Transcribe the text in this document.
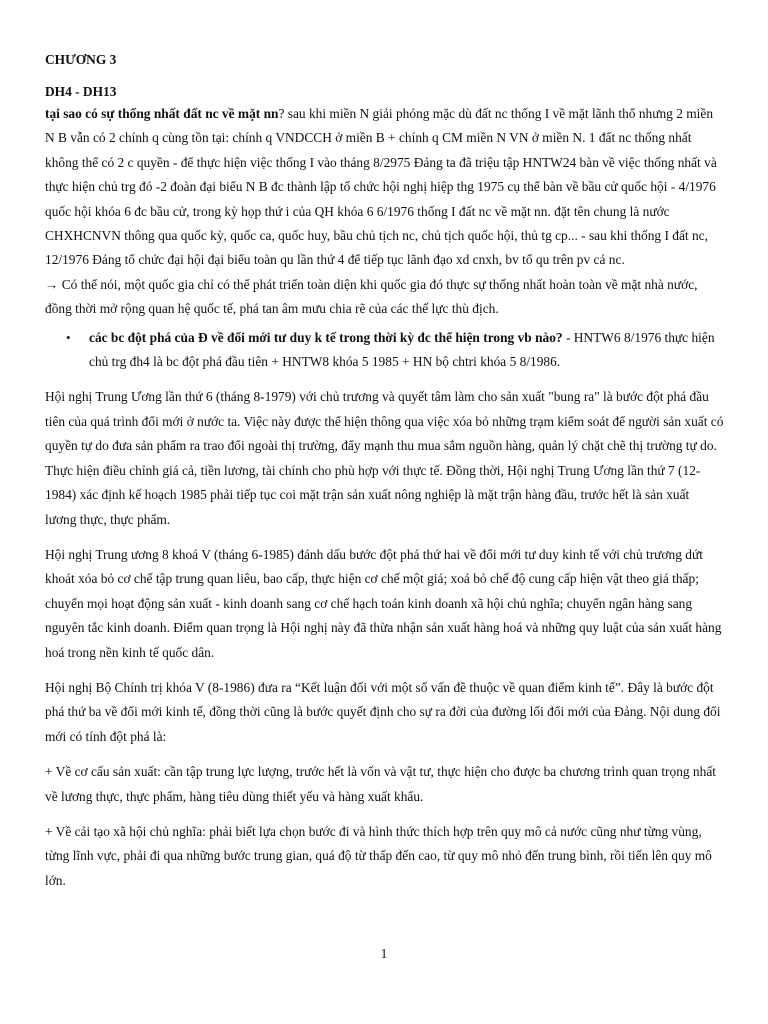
CHƯƠNG 3
DH4 - DH13

tại sao có sự thống nhất đất nc về mặt nn? sau khi miền N giải phóng mặc dù đất nc thống I về mặt lãnh thổ nhưng 2 miền N B vẫn có 2 chính q cùng tồn tại: chính q VNDCCH ở miền B + chính q CM miền N VN ở miền N. 1 đất nc thống nhất không thể có 2 c quyền - để thực hiện việc thống I vào tháng 8/2975 Đảng ta đã triệu tập HNTW24 bàn về việc thống nhất và thực hiện chủ trg đó -2 đoàn đại biểu N B đc thành lập tổ chức hội nghị hiệp thg 1975 cụ thể bàn về bầu cử quốc hội - 4/1976 quốc hội khóa 6 đc bầu cử, trong kỳ họp thứ i của QH khóa 6 6/1976 thống I đất nc về mặt nn. đặt tên chung là nước CHXHCNVN thông qua quốc kỳ, quốc ca, quốc huy, bầu chủ tịch nc, chủ tịch quốc hội, thủ tg cp... - sau khi thống I đất nc, 12/1976 Đảng tổ chức đại hội đại biểu toàn qu lần thứ 4 để tiếp tục lãnh đạo xd cnxh, bv tổ qu trên pv cả nc.

→ Có thể nói, một quốc gia chỉ có thể phát triển toàn diện khi quốc gia đó thực sự thống nhất hoàn toàn về mặt nhà nước, đồng thời mở rộng quan hệ quốc tế, phá tan âm mưu chia rẽ của các thế lực thù địch.

• các bc đột phá của Đ về đổi mới tư duy k tế trong thời kỳ đc thể hiện trong vb nào? - HNTW6 8/1976 thực hiện chủ trg đh4 là bc đột phá đầu tiên + HNTW8 khóa 5 1985 + HN bộ chtri khóa 5 8/1986.

Hội nghị Trung Ương lần thứ 6 (tháng 8-1979) với chủ trương và quyết tâm làm cho sản xuất "bung ra" là bước đột phá đầu tiên của quá trình đổi mới ở nước ta. Việc này được thể hiện thông qua việc xóa bỏ những trạm kiểm soát để người sản xuất có quyền tự do đưa sản phẩm ra trao đổi ngoài thị trường, đẩy mạnh thu mua sắm nguồn hàng, quản lý chặt chẽ thị trường tự do. Thực hiện điều chỉnh giá cả, tiền lương, tài chính cho phù hợp với thực tế. Đồng thời, Hội nghị Trung Ương lần thứ 7 (12-1984) xác định kế hoạch 1985 phải tiếp tục coi mặt trận sản xuất nông nghiệp là mặt trận hàng đầu, trước hết là sản xuất lương thực, thực phẩm.

Hội nghị Trung ương 8 khoá V (tháng 6-1985) đánh dấu bước đột phá thứ hai về đổi mới tư duy kinh tế với chủ trương dứt khoát xóa bỏ cơ chế tập trung quan liêu, bao cấp, thực hiện cơ chế một giá; xoá bỏ chế độ cung cấp hiện vật theo giá thấp; chuyển mọi hoạt động sản xuất - kinh doanh sang cơ chế hạch toán kinh doanh xã hội chủ nghĩa; chuyển ngân hàng sang nguyên tắc kinh doanh. Điểm quan trọng là Hội nghị này đã thừa nhận sản xuất hàng hoá và những quy luật của sản xuất hàng hoá trong nền kinh tế quốc dân.

Hội nghị Bộ Chính trị khóa V (8-1986) đưa ra “Kết luận đối với một số vấn đề thuộc về quan điểm kinh tế”. Đây là bước đột phá thứ ba về đổi mới kinh tế, đồng thời cũng là bước quyết định cho sự ra đời của đường lối đổi mới của Đảng. Nội dung đổi mới có tính đột phá là:

+ Về cơ cấu sản xuất: cần tập trung lực lượng, trước hết là vốn và vật tư, thực hiện cho được ba chương trình quan trọng nhất về lương thực, thực phẩm, hàng tiêu dùng thiết yếu và hàng xuất khẩu.

+ Về cải tạo xã hội chủ nghĩa: phải biết lựa chọn bước đi và hình thức thích hợp trên quy mô cả nước cũng như từng vùng, từng lĩnh vực, phải đi qua những bước trung gian, quá độ từ thấp đến cao, từ quy mô nhỏ đến trung bình, rồi tiến lên quy mô lớn.

1
